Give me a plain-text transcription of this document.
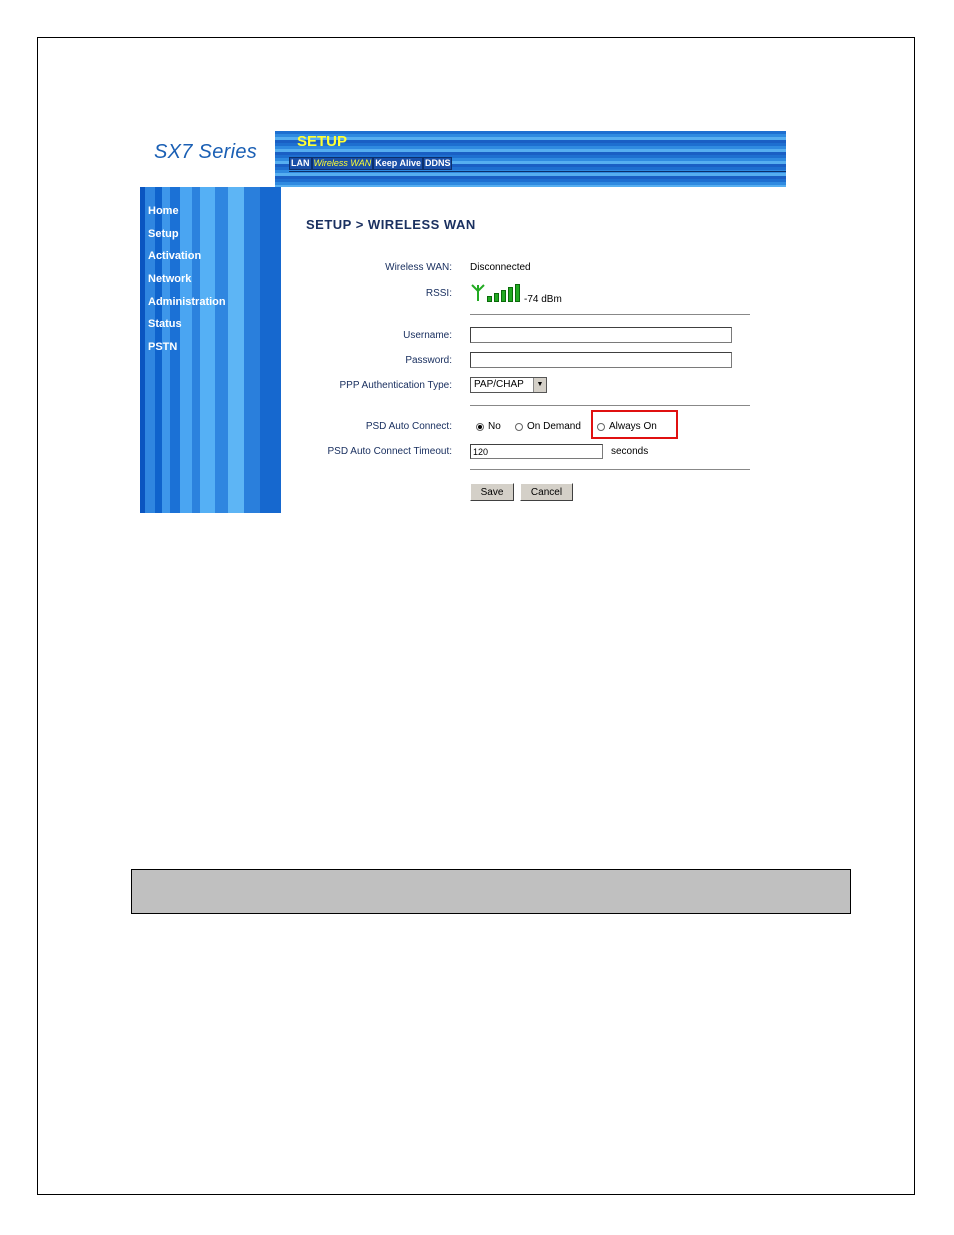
SX7 Series	SETUP
LAN Wireless WAN Keep Alive DDNS
Home
Setup
Activation
Network
Administration
Status
PSTN
SETUP > WIRELESS WAN
Wireless WAN: Disconnected
RSSI:
-74 dBm
Username:
Password:
PPP Authentication Type: PAP/CHAP	▼
PSD Auto Connect:	No	On Demand	Always On
PSD Auto Connect Timeout:
120	seconds
Save	Cancel
